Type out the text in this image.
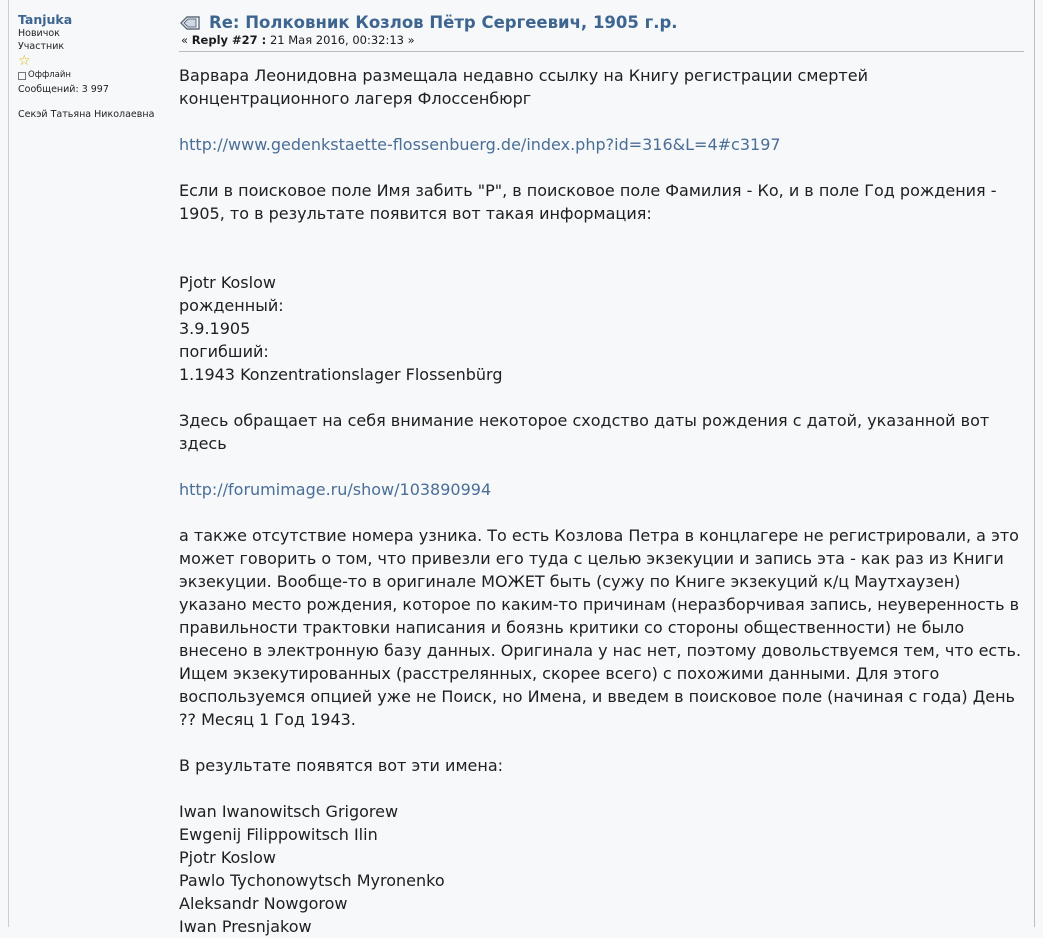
Tanjuka
Новичок
Участник
☆
Оффлайн
Сообщений: 3 997
Секэй Татьяна Николаевна
Re: Полковник Козлов Пётр Сергеевич, 1905 г.р.
« Reply #27 : 21 Мая 2016, 00:32:13 »

Варвара Леонидовна размещала недавно ссылку на Книгу регистрации смертей концентрационного лагеря Флоссенбюрг

http://www.gedenkstaette-flossenbuerg.de/index.php?id=316&L=4#c3197

Если в поисковое поле Имя забить "Р", в поисковое поле Фамилия - Ко, и в поле Год рождения - 1905, то в результате появится вот такая информация:

Pjotr Koslow

рожденный:

3.9.1905

погибший:

1.1943 Konzentrationslager Flossenbürg

Здесь обращает на себя внимание некоторое сходство даты рождения с датой, указанной вот здесь

http://forumimage.ru/show/103890994

а также отсутствие номера узника. То есть Козлова Петра в концлагере не регистрировали, а это может говорить о том, что привезли его туда с целью экзекуции и запись эта - как раз из Книги экзекуции. Вообще-то в оригинале МОЖЕТ быть (сужу по Книге экзекуций к/ц Маутхаузен) указано место рождения, которое по каким-то причинам (неразборчивая запись, неуверенность в правильности трактовки написания и боязнь критики со стороны общественности) не было внесено в электронную базу данных. Оригинала у нас нет, поэтому довольствуемся тем, что есть. Ищем экзекутированных (расстрелянных, скорее всего) с похожими данными. Для этого воспользуемся опцией уже не Поиск, но Имена, и введем в поисковое поле (начиная с года) День ?? Месяц 1 Год 1943.

В результате появятся вот эти имена:

Iwan Iwanowitsch Grigorew

Ewgenij Filippowitsch Ilin

Pjotr Koslow

Pawlo Tychonowytsch Myronenko

Aleksandr Nowgorow

Iwan Presnjakow
